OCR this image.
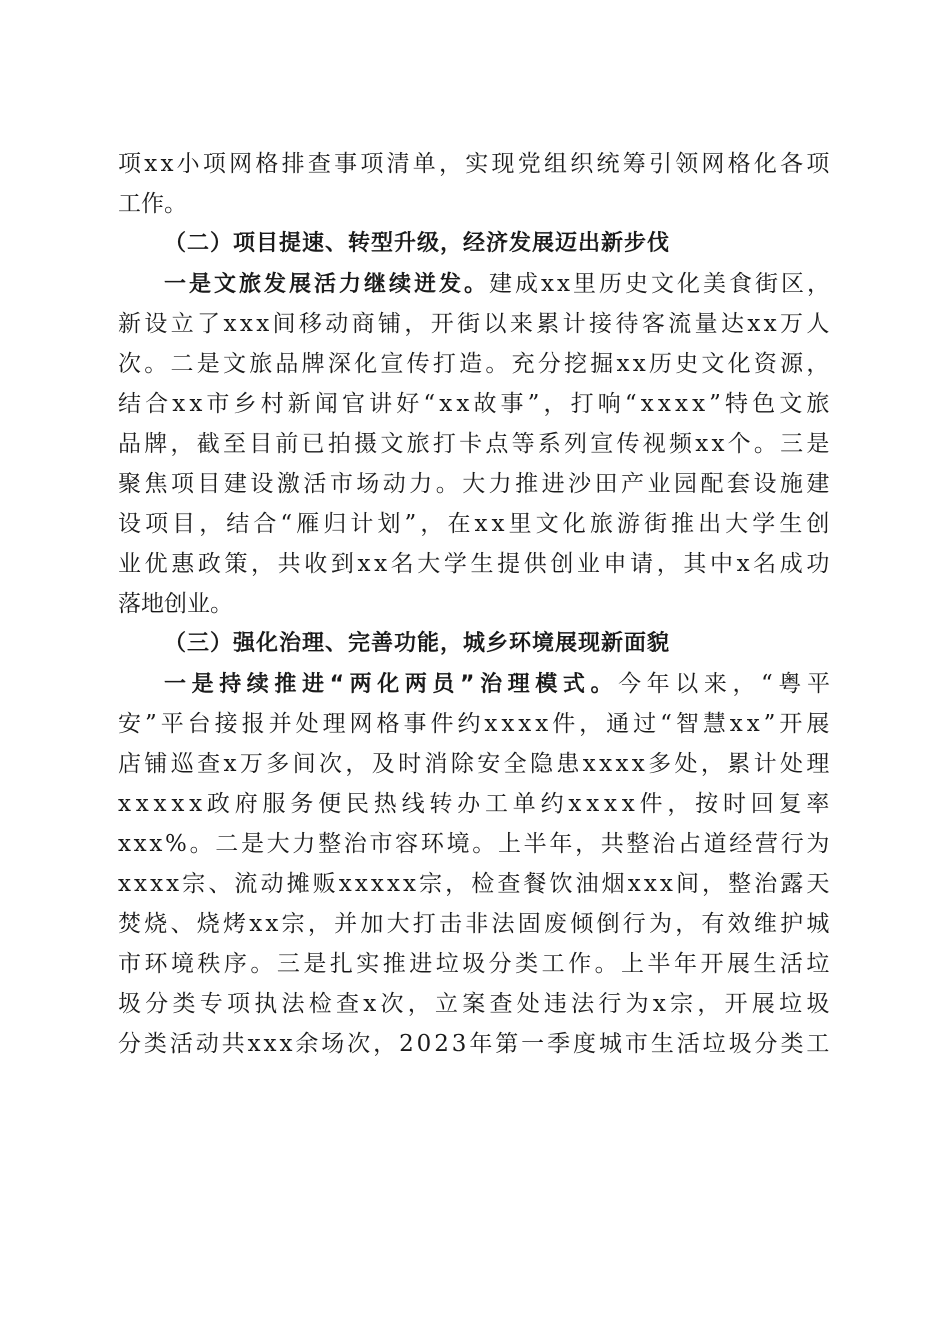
项xx小项网格排查事项清单，实现党组织统筹引领网格化各项
工作。
（二）项目提速、转型升级，经济发展迈出新步伐
一是文旅发展活力继续迸发。建成xx里历史文化美食街区，
新设立了xxx间移动商铺，开街以来累计接待客流量达xx万人
次。二是文旅品牌深化宣传打造。充分挖掘xx历史文化资源，
结合xx市乡村新闻官讲好“xx故事”，打响“xxxx”特色文旅
品牌，截至目前已拍摄文旅打卡点等系列宣传视频xx个。三是
聚焦项目建设激活市场动力。大力推进沙田产业园配套设施建
设项目，结合“雁归计划”，在xx里文化旅游街推出大学生创
业优惠政策，共收到xx名大学生提供创业申请，其中x名成功
落地创业。
（三）强化治理、完善功能，城乡环境展现新面貌
一是持续推进“两化两员”治理模式。今年以来，“粤平
安”平台接报并处理网格事件约xxxx件，通过“智慧xx”开展
店铺巡查x万多间次，及时消除安全隐患xxxx多处，累计处理
xxxxx政府服务便民热线转办工单约xxxx件，按时回复率
xxx%。二是大力整治市容环境。上半年，共整治占道经营行为
xxxx宗、流动摊贩xxxxx宗，检查餐饮油烟xxx间，整治露天
焚烧、烧烤xx宗，并加大打击非法固废倾倒行为，有效维护城
市环境秩序。三是扎实推进垃圾分类工作。上半年开展生活垃
圾分类专项执法检查x次，立案查处违法行为x宗，开展垃圾
分类活动共xxx余场次，2023年第一季度城市生活垃圾分类工
